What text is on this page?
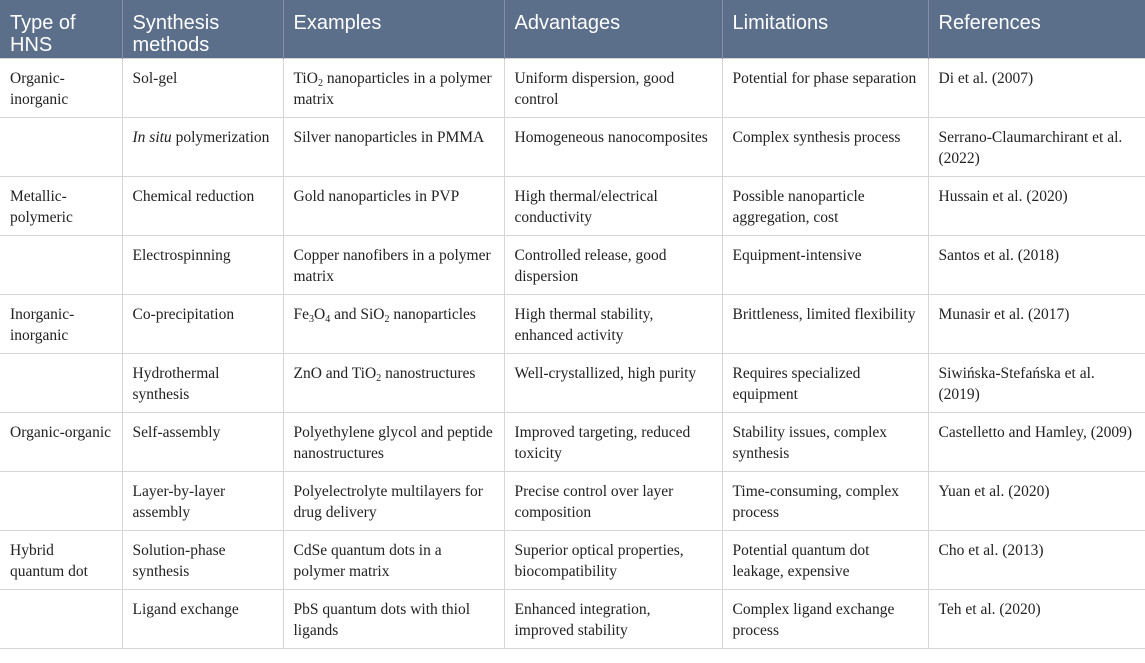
Type of HNS	Synthesis methods	Examples	Advantages	Limitations	References
Organic-inorganic	Sol-gel	TiO$_2$ nanoparticles in a polymer matrix	Uniform dispersion, good control	Potential for phase separation	Di et al. (2007)
	In situ polymerization	Silver nanoparticles in PMMA	Homogeneous nanocomposites	Complex synthesis process	Serrano-Claumarchirant et al. (2022)
Metallic-polymeric	Chemical reduction	Gold nanoparticles in PVP	High thermal/electrical conductivity	Possible nanoparticle aggregation, cost	Hussain et al. (2020)
	Electrospinning	Copper nanofibers in a polymer matrix	Controlled release, good dispersion	Equipment-intensive	Santos et al. (2018)
Inorganic-inorganic	Co-precipitation	$Fe_3O_4$ and SiO$_2$ nanoparticles	High thermal stability, enhanced activity	Brittleness, limited flexibility	Munasir et al. (2017)
	Hydrothermal synthesis	ZnO and TiO$_2$ nanostructures	Well-crystallized, high purity	Requires specialized equipment	Siwińska-Stefańska et al. (2019)
Organic-organic	Self-assembly	Polyethylene glycol and peptide nanostructures	Improved targeting, reduced toxicity	Stability issues, complex synthesis	Castelletto and Hamley, (2009)
	Layer-by-layer assembly	Polyelectrolyte multilayers for drug delivery	Precise control over layer composition	Time-consuming, complex process	Yuan et al. (2020)
Hybrid quantum dot	Solution-phase synthesis	CdSe quantum dots in a polymer matrix	Superior optical properties, biocompatibility	Potential quantum dot leakage, expensive	Cho et al. (2013)
	Ligand exchange	PbS quantum dots with thiol ligands	Enhanced integration, improved stability	Complex ligand exchange process	Teh et al. (2020)
